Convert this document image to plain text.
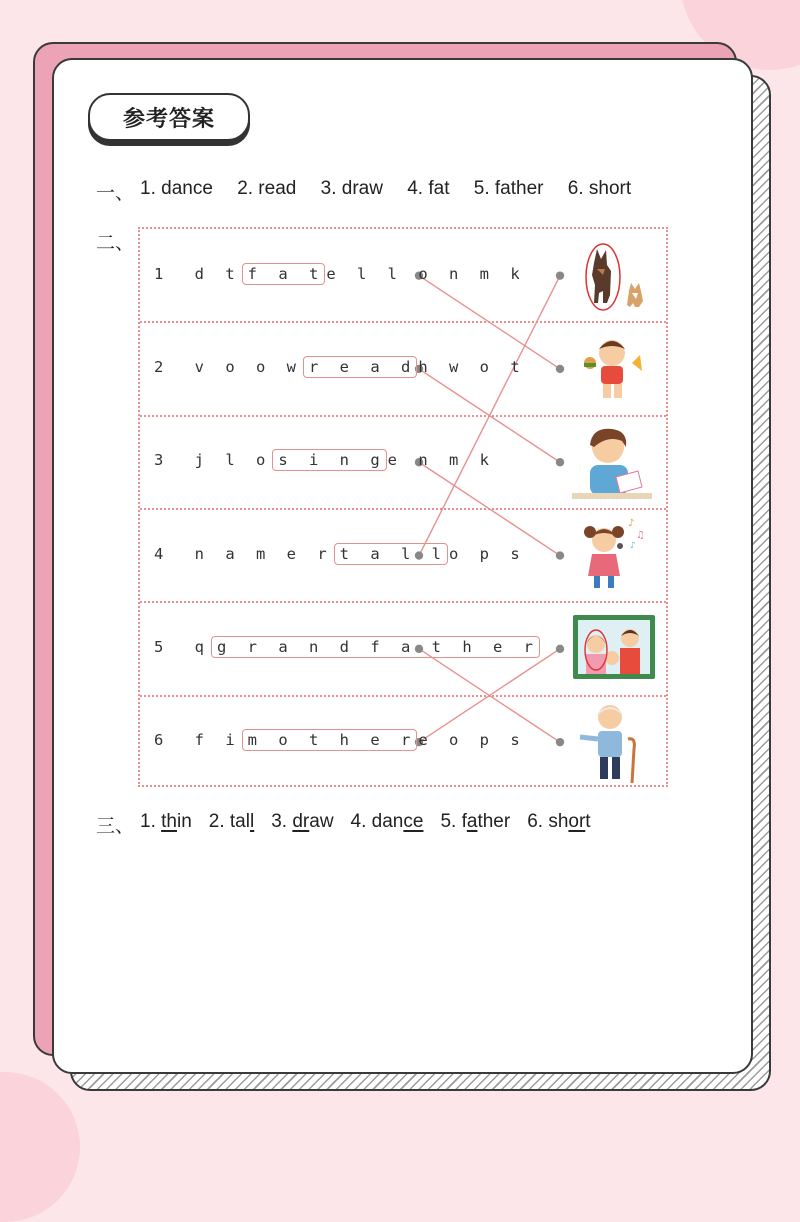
参考答案
一、 1. dance 2. read 3. draw 4. fat 5. father 6. short
二、
1 d t f a t e l l o n m k
2 v o o w r e a d h w o t
3 j l o s i n g e n m k
4 n a m e r t a l l o p s
♪
♫
♪
5 q g r a n d f a t h e r
6 f i m o t h e r e o p s
三、 1. thin 2. tall 3. draw 4. dance 5. father 6. short
